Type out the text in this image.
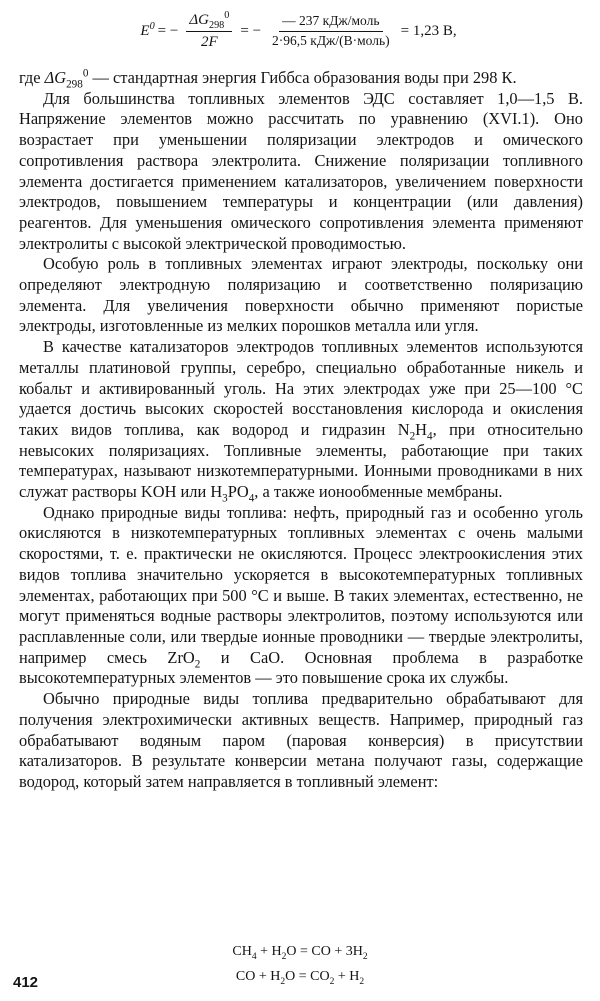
$E^0$ = − $\frac{\Delta G_{298}^0}{2F}$ = − $\frac{\text{— 237 кДж/моль}}{\text{2·96,5 кДж/(В·моль)}} = 1,23$ В,

где $\Delta G_{298}^0$ — стандартная энергия Гиббса образования воды при 298 К.

Для большинства топливных элементов ЭДС составляет 1,0—1,5 В. Напряжение элементов можно рассчитать по уравнению (XVI.1). Оно возрастает при уменьшении поляризации электродов и омического сопротивления раствора электролита. Снижение поляризации топливного элемента достигается применением катализаторов, увеличением поверхности электродов, повышением температуры и концентрации (или давления) реагентов. Для уменьшения омического сопротивления элемента применяют электролиты с высокой электрической проводимостью.

Особую роль в топливных элементах играют электроды, поскольку они определяют электродную поляризацию и соответственно поляризацию элемента. Для увеличения поверхности обычно применяют пористые электроды, изготовленные из мелких порошков металла или угля.

В качестве катализаторов электродов топливных элементов используются металлы платиновой группы, серебро, специально обработанные никель и кобальт и активированный уголь. На этих электродах уже при 25—100 °С удается достичь высоких скоростей восстановления кислорода и окисления таких видов топлива, как водород и гидразин $N_2H_4$, при относительно невысоких поляризациях. Топливные элементы, работающие при таких температурах, называют низкотемпературными. Ионными проводниками в них служат растворы KOH или $H_3PO_4$, а также ионообменные мембраны.

Однако природные виды топлива: нефть, природный газ и особенно уголь окисляются в низкотемпературных топливных элементах с очень малыми скоростями, т. е. практически не окисляются. Процесс электроокисления этих видов топлива значительно ускоряется в высокотемпературных топливных элементах, работающих при 500 °С и выше. В таких элементах, естественно, не могут применяться водные растворы электролитов, поэтому используются или расплавленные соли, или твердые ионные проводники — твердые электролиты, например смесь ZrO$_2$ и CaO. Основная проблема в разработке высокотемпературных элементов — это повышение срока их службы.

Обычно природные виды топлива предварительно обрабатывают для получения электрохимически активных веществ. Например, природный газ обрабатывают водяным паром (паровая конверсия) в присутствии катализаторов. В результате конверсии метана получают газы, содержащие водород, который затем направляется в топливный элемент:

$CH_4 + H_2O$ = CO + $3H_2$
CO + $H_2O = CO_2 + H_2$
412
